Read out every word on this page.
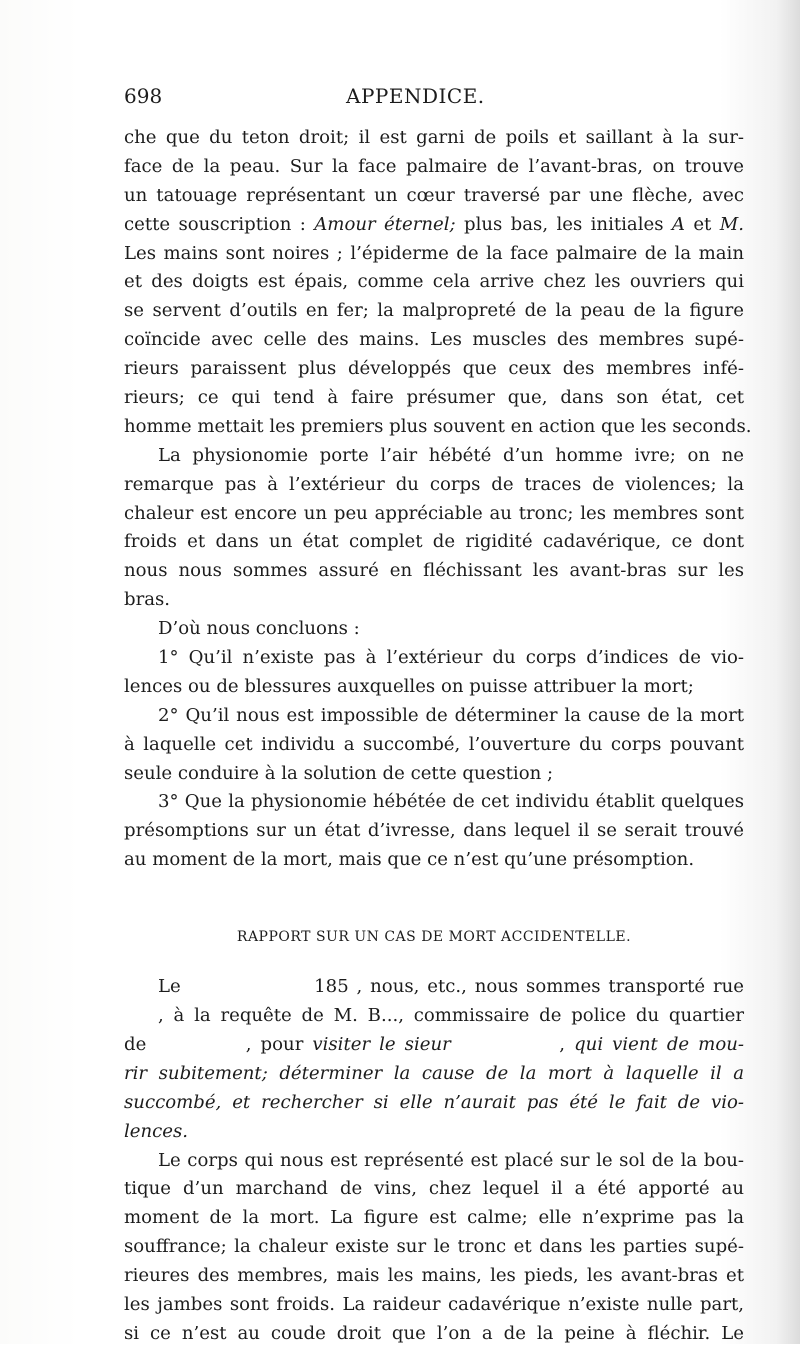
698	APPENDICE.
che que du teton droit; il est garni de poils et saillant à la sur-
face de la peau. Sur la face palmaire de l’avant-bras, on trouve
un tatouage représentant un cœur traversé par une flèche, avec
cette souscription : Amour éternel; plus bas, les initiales A et M.
Les mains sont noires ; l’épiderme de la face palmaire de la main
et des doigts est épais, comme cela arrive chez les ouvriers qui
se servent d’outils en fer; la malpropreté de la peau de la figure
coïncide avec celle des mains. Les muscles des membres supé-
rieurs paraissent plus développés que ceux des membres infé-
rieurs; ce qui tend à faire présumer que, dans son état, cet
homme mettait les premiers plus souvent en action que les seconds.
La physionomie porte l’air hébété d’un homme ivre; on ne
remarque pas à l’extérieur du corps de traces de violences; la
chaleur est encore un peu appréciable au tronc; les membres sont
froids et dans un état complet de rigidité cadavérique, ce dont
nous nous sommes assuré en fléchissant les avant-bras sur les
bras.
D’où nous concluons :
1° Qu’il n’existe pas à l’extérieur du corps d’indices de vio-
lences ou de blessures auxquelles on puisse attribuer la mort;
2° Qu’il nous est impossible de déterminer la cause de la mort
à laquelle cet individu a succombé, l’ouverture du corps pouvant
seule conduire à la solution de cette question ;
3° Que la physionomie hébétée de cet individu établit quelques
présomptions sur un état d’ivresse, dans lequel il se serait trouvé
au moment de la mort, mais que ce n’est qu’une présomption.
RAPPORT SUR UN CAS DE MORT ACCIDENTELLE.
Le                 185 , nous, etc., nous sommes transporté rue
, à la requête de M. B..., commissaire de police du quartier
de           , pour visiter le sieur            , qui vient de mou-
rir subitement; déterminer la cause de la mort à laquelle il a
succombé, et rechercher si elle n’aurait pas été le fait de vio-
lences.
Le corps qui nous est représenté est placé sur le sol de la bou-
tique d’un marchand de vins, chez lequel il a été apporté au
moment de la mort. La figure est calme; elle n’exprime pas la
souffrance; la chaleur existe sur le tronc et dans les parties supé-
rieures des membres, mais les mains, les pieds, les avant-bras et
les jambes sont froids. La raideur cadavérique n’existe nulle part,
si ce n’est au coude droit que l’on a de la peine à fléchir. Le
